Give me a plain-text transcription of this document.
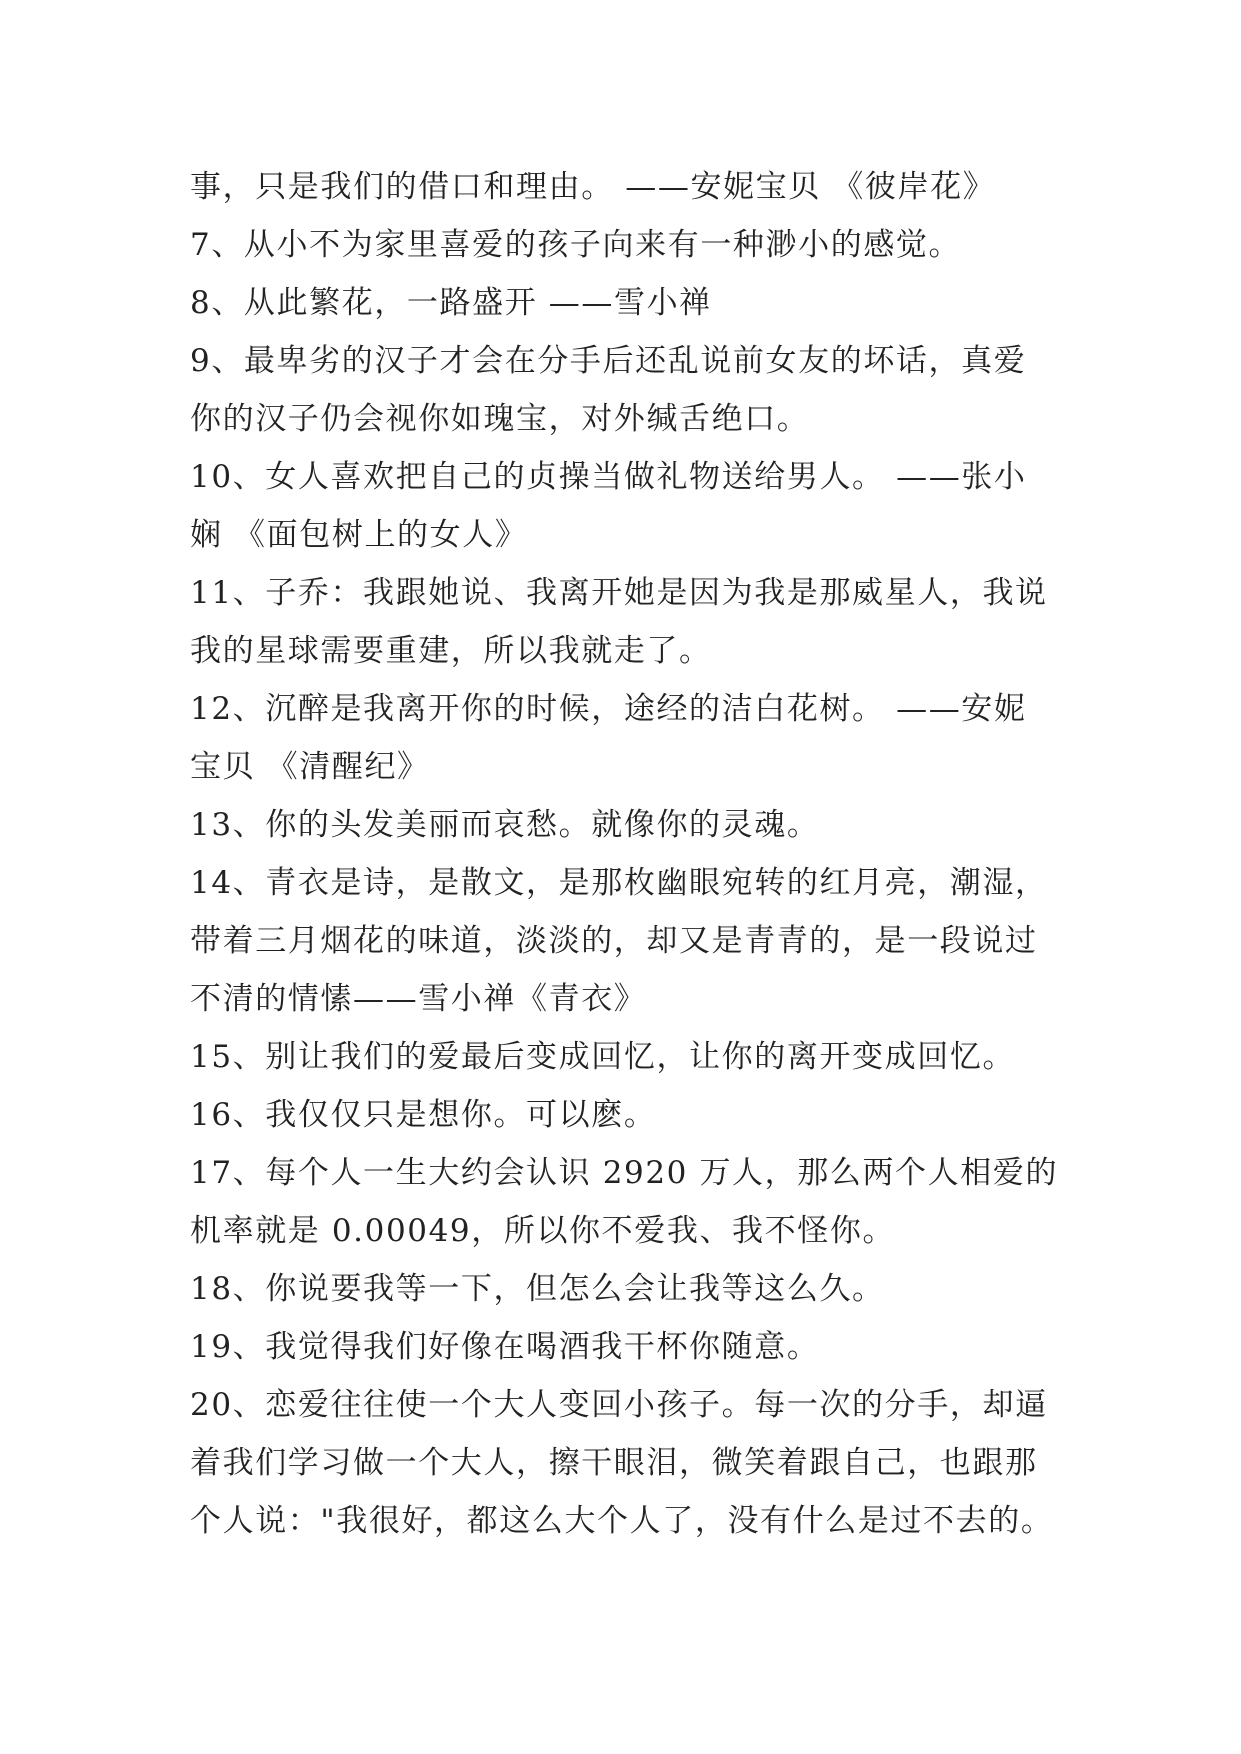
事，只是我们的借口和理由。 ——安妮宝贝 《彼岸花》
7、从小不为家里喜爱的孩子向来有一种渺小的感觉。
8、从此繁花，一路盛开 ——雪小禅
9、最卑劣的汉子才会在分手后还乱说前女友的坏话，真爱
你的汉子仍会视你如瑰宝，对外缄舌绝口。
10、女人喜欢把自己的贞操当做礼物送给男人。 ——张小
娴 《面包树上的女人》
11、子乔：我跟她说、我离开她是因为我是那威星人，我说
我的星球需要重建，所以我就走了。
12、沉醉是我离开你的时候，途经的洁白花树。 ——安妮
宝贝 《清醒纪》
13、你的头发美丽而哀愁。就像你的灵魂。
14、青衣是诗，是散文，是那枚幽眼宛转的红月亮，潮湿，
带着三月烟花的味道，淡淡的，却又是青青的，是一段说过
不清的情愫——雪小禅《青衣》
15、别让我们的爱最后变成回忆，让你的离开变成回忆。
16、我仅仅只是想你。可以麽。
17、每个人一生大约会认识 2920 万人，那么两个人相爱的
机率就是 0.00049，所以你不爱我、我不怪你。
18、你说要我等一下，但怎么会让我等这么久。
19、我觉得我们好像在喝酒我干杯你随意。
20、恋爱往往使一个大人变回小孩子。每一次的分手，却逼
着我们学习做一个大人，擦干眼泪，微笑着跟自己，也跟那
个人说："我很好，都这么大个人了，没有什么是过不去的。
